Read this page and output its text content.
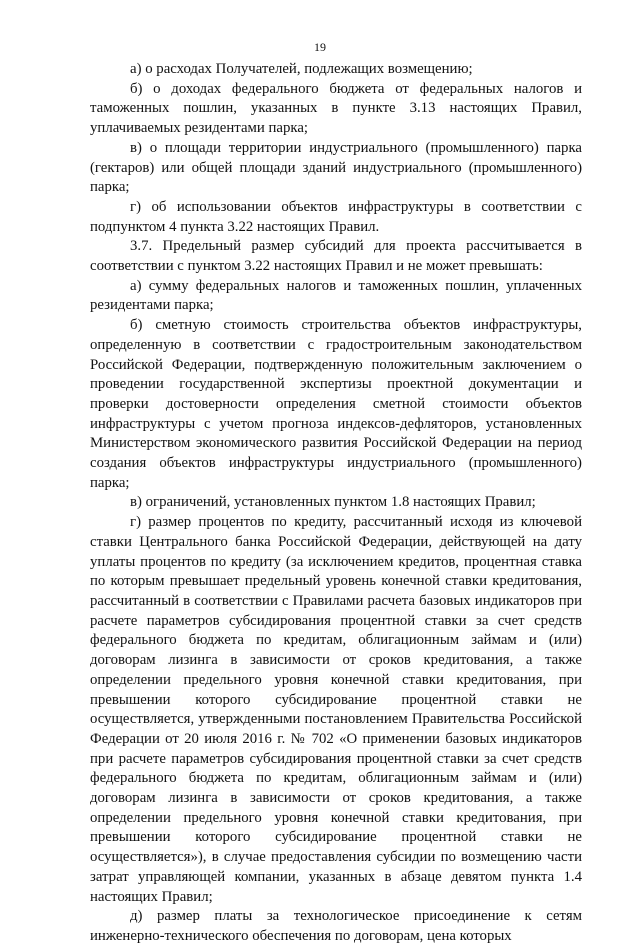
19

а) о расходах Получателей, подлежащих возмещению;

б) о доходах федерального бюджета от федеральных налогов и таможенных пошлин, указанных в пункте 3.13 настоящих Правил, уплачиваемых резидентами парка;

в) о площади территории индустриального (промышленного) парка (гектаров) или общей площади зданий индустриального (промышленного) парка;

г) об использовании объектов инфраструктуры в соответствии с подпунктом 4 пункта 3.22 настоящих Правил.

3.7. Предельный размер субсидий для проекта рассчитывается в соответствии с пунктом 3.22 настоящих Правил и не может превышать:

а) сумму федеральных налогов и таможенных пошлин, уплаченных резидентами парка;

б) сметную стоимость строительства объектов инфраструктуры, определенную в соответствии с градостроительным законодательством Российской Федерации, подтвержденную положительным заключением о проведении государственной экспертизы проектной документации и проверки достоверности определения сметной стоимости объектов инфраструктуры с учетом прогноза индексов-дефляторов, установленных Министерством экономического развития Российской Федерации на период создания объектов инфраструктуры индустриального (промышленного) парка;

в) ограничений, установленных пунктом 1.8 настоящих Правил;

г) размер процентов по кредиту, рассчитанный исходя из ключевой ставки Центрального банка Российской Федерации, действующей на дату уплаты процентов по кредиту (за исключением кредитов, процентная ставка по которым превышает предельный уровень конечной ставки кредитования, рассчитанный в соответствии с Правилами расчета базовых индикаторов при расчете параметров субсидирования процентной ставки за счет средств федерального бюджета по кредитам, облигационным займам и (или) договорам лизинга в зависимости от сроков кредитования, а также определении предельного уровня конечной ставки кредитования, при превышении которого субсидирование процентной ставки не осуществляется, утвержденными постановлением Правительства Российской Федерации от 20 июля 2016 г. № 702 «О применении базовых индикаторов при расчете параметров субсидирования процентной ставки за счет средств федерального бюджета по кредитам, облигационным займам и (или) договорам лизинга в зависимости от сроков кредитования, а также определении предельного уровня конечной ставки кредитования, при превышении которого субсидирование процентной ставки не осуществляется»), в случае предоставления субсидии по возмещению части затрат управляющей компании, указанных в абзаце девятом пункта 1.4 настоящих Правил;

д) размер платы за технологическое присоединение к сетям инженерно-технического обеспечения по договорам, цена которых
